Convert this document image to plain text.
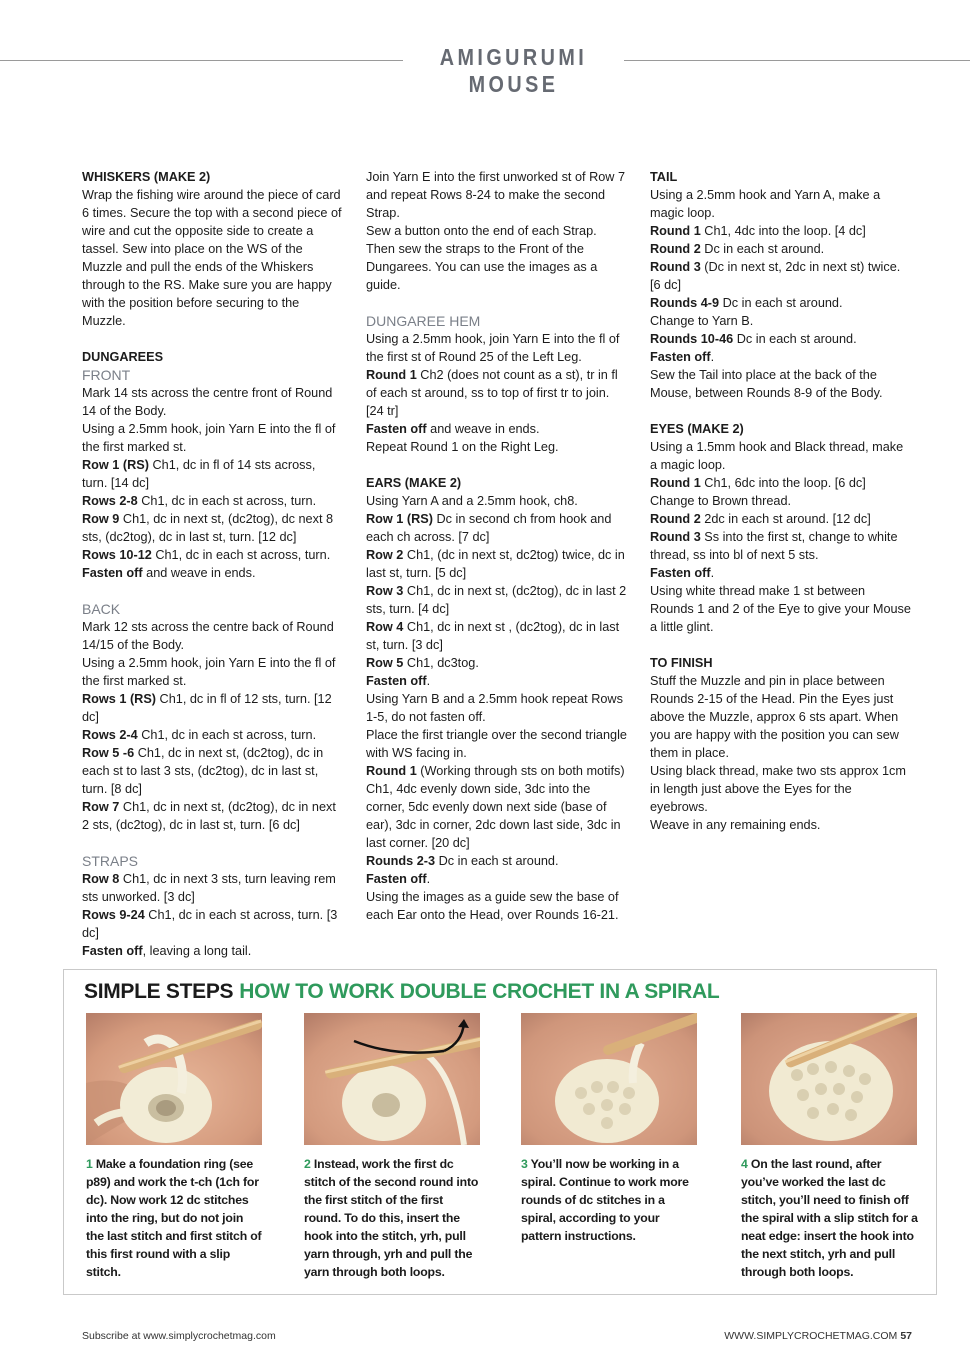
AMIGURUMI MOUSE
WHISKERS (MAKE 2)

Wrap the fishing wire around the piece of card 6 times. Secure the top with a second piece of wire and cut the opposite side to create a tassel. Sew into place on the WS of the Muzzle and pull the ends of the Whiskers through to the RS. Make sure you are happy with the position before securing to the Muzzle.

DUNGAREES
FRONT

Mark 14 sts across the centre front of Round 14 of the Body.

Using a 2.5mm hook, join Yarn E into the fl of the first marked st.

Row 1 (RS) Ch1, dc in fl of 14 sts across, turn. [14 dc]

Rows 2-8 Ch1, dc in each st across, turn.

Row 9 Ch1, dc in next st, (dc2tog), dc next 8 sts, (dc2tog), dc in last st, turn. [12 dc]

Rows 10-12 Ch1, dc in each st across, turn.

Fasten off and weave in ends.

BACK

Mark 12 sts across the centre back of Round 14/15 of the Body.

Using a 2.5mm hook, join Yarn E into the fl of the first marked st.

Rows 1 (RS) Ch1, dc in fl of 12 sts, turn. [12 dc]

Rows 2-4 Ch1, dc in each st across, turn.

Row 5 -6 Ch1, dc in next st, (dc2tog), dc in each st to last 3 sts, (dc2tog), dc in last st, turn. [8 dc]

Row 7 Ch1, dc in next st, (dc2tog), dc in next 2 sts, (dc2tog), dc in last st, turn. [6 dc]

STRAPS

Row 8 Ch1, dc in next 3 sts, turn leaving rem sts unworked. [3 dc]

Rows 9-24 Ch1, dc in each st across, turn. [3 dc]

Fasten off, leaving a long tail.

Join Yarn E into the first unworked st of Row 7 and repeat Rows 8-24 to make the second Strap.

Sew a button onto the end of each Strap. Then sew the straps to the Front of the Dungarees. You can use the images as a guide.

DUNGAREE HEM

Using a 2.5mm hook, join Yarn E into the fl of the first st of Round 25 of the Left Leg.

Round 1 Ch2 (does not count as a st), tr in fl of each st around, ss to top of first tr to join. [24 tr]

Fasten off and weave in ends.

Repeat Round 1 on the Right Leg.

EARS (MAKE 2)

Using Yarn A and a 2.5mm hook, ch8.

Row 1 (RS) Dc in second ch from hook and each ch across. [7 dc]

Row 2 Ch1, (dc in next st, dc2tog) twice, dc in last st, turn. [5 dc]

Row 3 Ch1, dc in next st, (dc2tog), dc in last 2 sts, turn. [4 dc]

Row 4 Ch1, dc in next st , (dc2tog), dc in last st, turn. [3 dc]

Row 5 Ch1, dc3tog.

Fasten off.

Using Yarn B and a 2.5mm hook repeat Rows 1-5, do not fasten off.

Place the first triangle over the second triangle with WS facing in.

Round 1 (Working through sts on both motifs) Ch1, 4dc evenly down side, 3dc into the corner, 5dc evenly down next side (base of ear), 3dc in corner, 2dc down last side, 3dc in last corner. [20 dc]

Rounds 2-3 Dc in each st around.

Fasten off.

Using the images as a guide sew the base of each Ear onto the Head, over Rounds 16-21.

TAIL

Using a 2.5mm hook and Yarn A, make a magic loop.

Round 1 Ch1, 4dc into the loop. [4 dc]

Round 2 Dc in each st around.

Round 3 (Dc in next st, 2dc in next st) twice. [6 dc]

Rounds 4-9 Dc in each st around.

Change to Yarn B.

Rounds 10-46 Dc in each st around.

Fasten off.

Sew the Tail into place at the back of the Mouse, between Rounds 8-9 of the Body.

EYES (MAKE 2)

Using a 1.5mm hook and Black thread, make a magic loop.

Round 1 Ch1, 6dc into the loop. [6 dc]

Change to Brown thread.

Round 2 2dc in each st around. [12 dc]

Round 3 Ss into the first st, change to white thread, ss into bl of next 5 sts.

Fasten off.

Using white thread make 1 st between Rounds 1 and 2 of the Eye to give your Mouse a little glint.

TO FINISH

Stuff the Muzzle and pin in place between Rounds 2-15 of the Head. Pin the Eyes just above the Muzzle, approx 6 sts apart. When you are happy with the position you can sew them in place.

Using black thread, make two sts approx 1cm in length just above the Eyes for the eyebrows.

Weave in any remaining ends.

SIMPLE STEPS HOW TO WORK DOUBLE CROCHET IN A SPIRAL
1 Make a foundation ring (see p89) and work the t-ch (1ch for dc). Now work 12 dc stitches into the ring, but do not join the last stitch and first stitch of this first round with a slip stitch.
2 Instead, work the first dc stitch of the second round into the first stitch of the first round. To do this, insert the hook into the stitch, yrh, pull yarn through, yrh and pull the yarn through both loops.
3 You’ll now be working in a spiral. Continue to work more rounds of dc stitches in a spiral, according to your pattern instructions.
4 On the last round, after you’ve worked the last dc stitch, you’ll need to finish off the spiral with a slip stitch for a neat edge: insert the hook into the next stitch, yrh and pull through both loops.
Subscribe at www.simplycrochetmag.com	WWW.SIMPLYCROCHETMAG.COM 57
